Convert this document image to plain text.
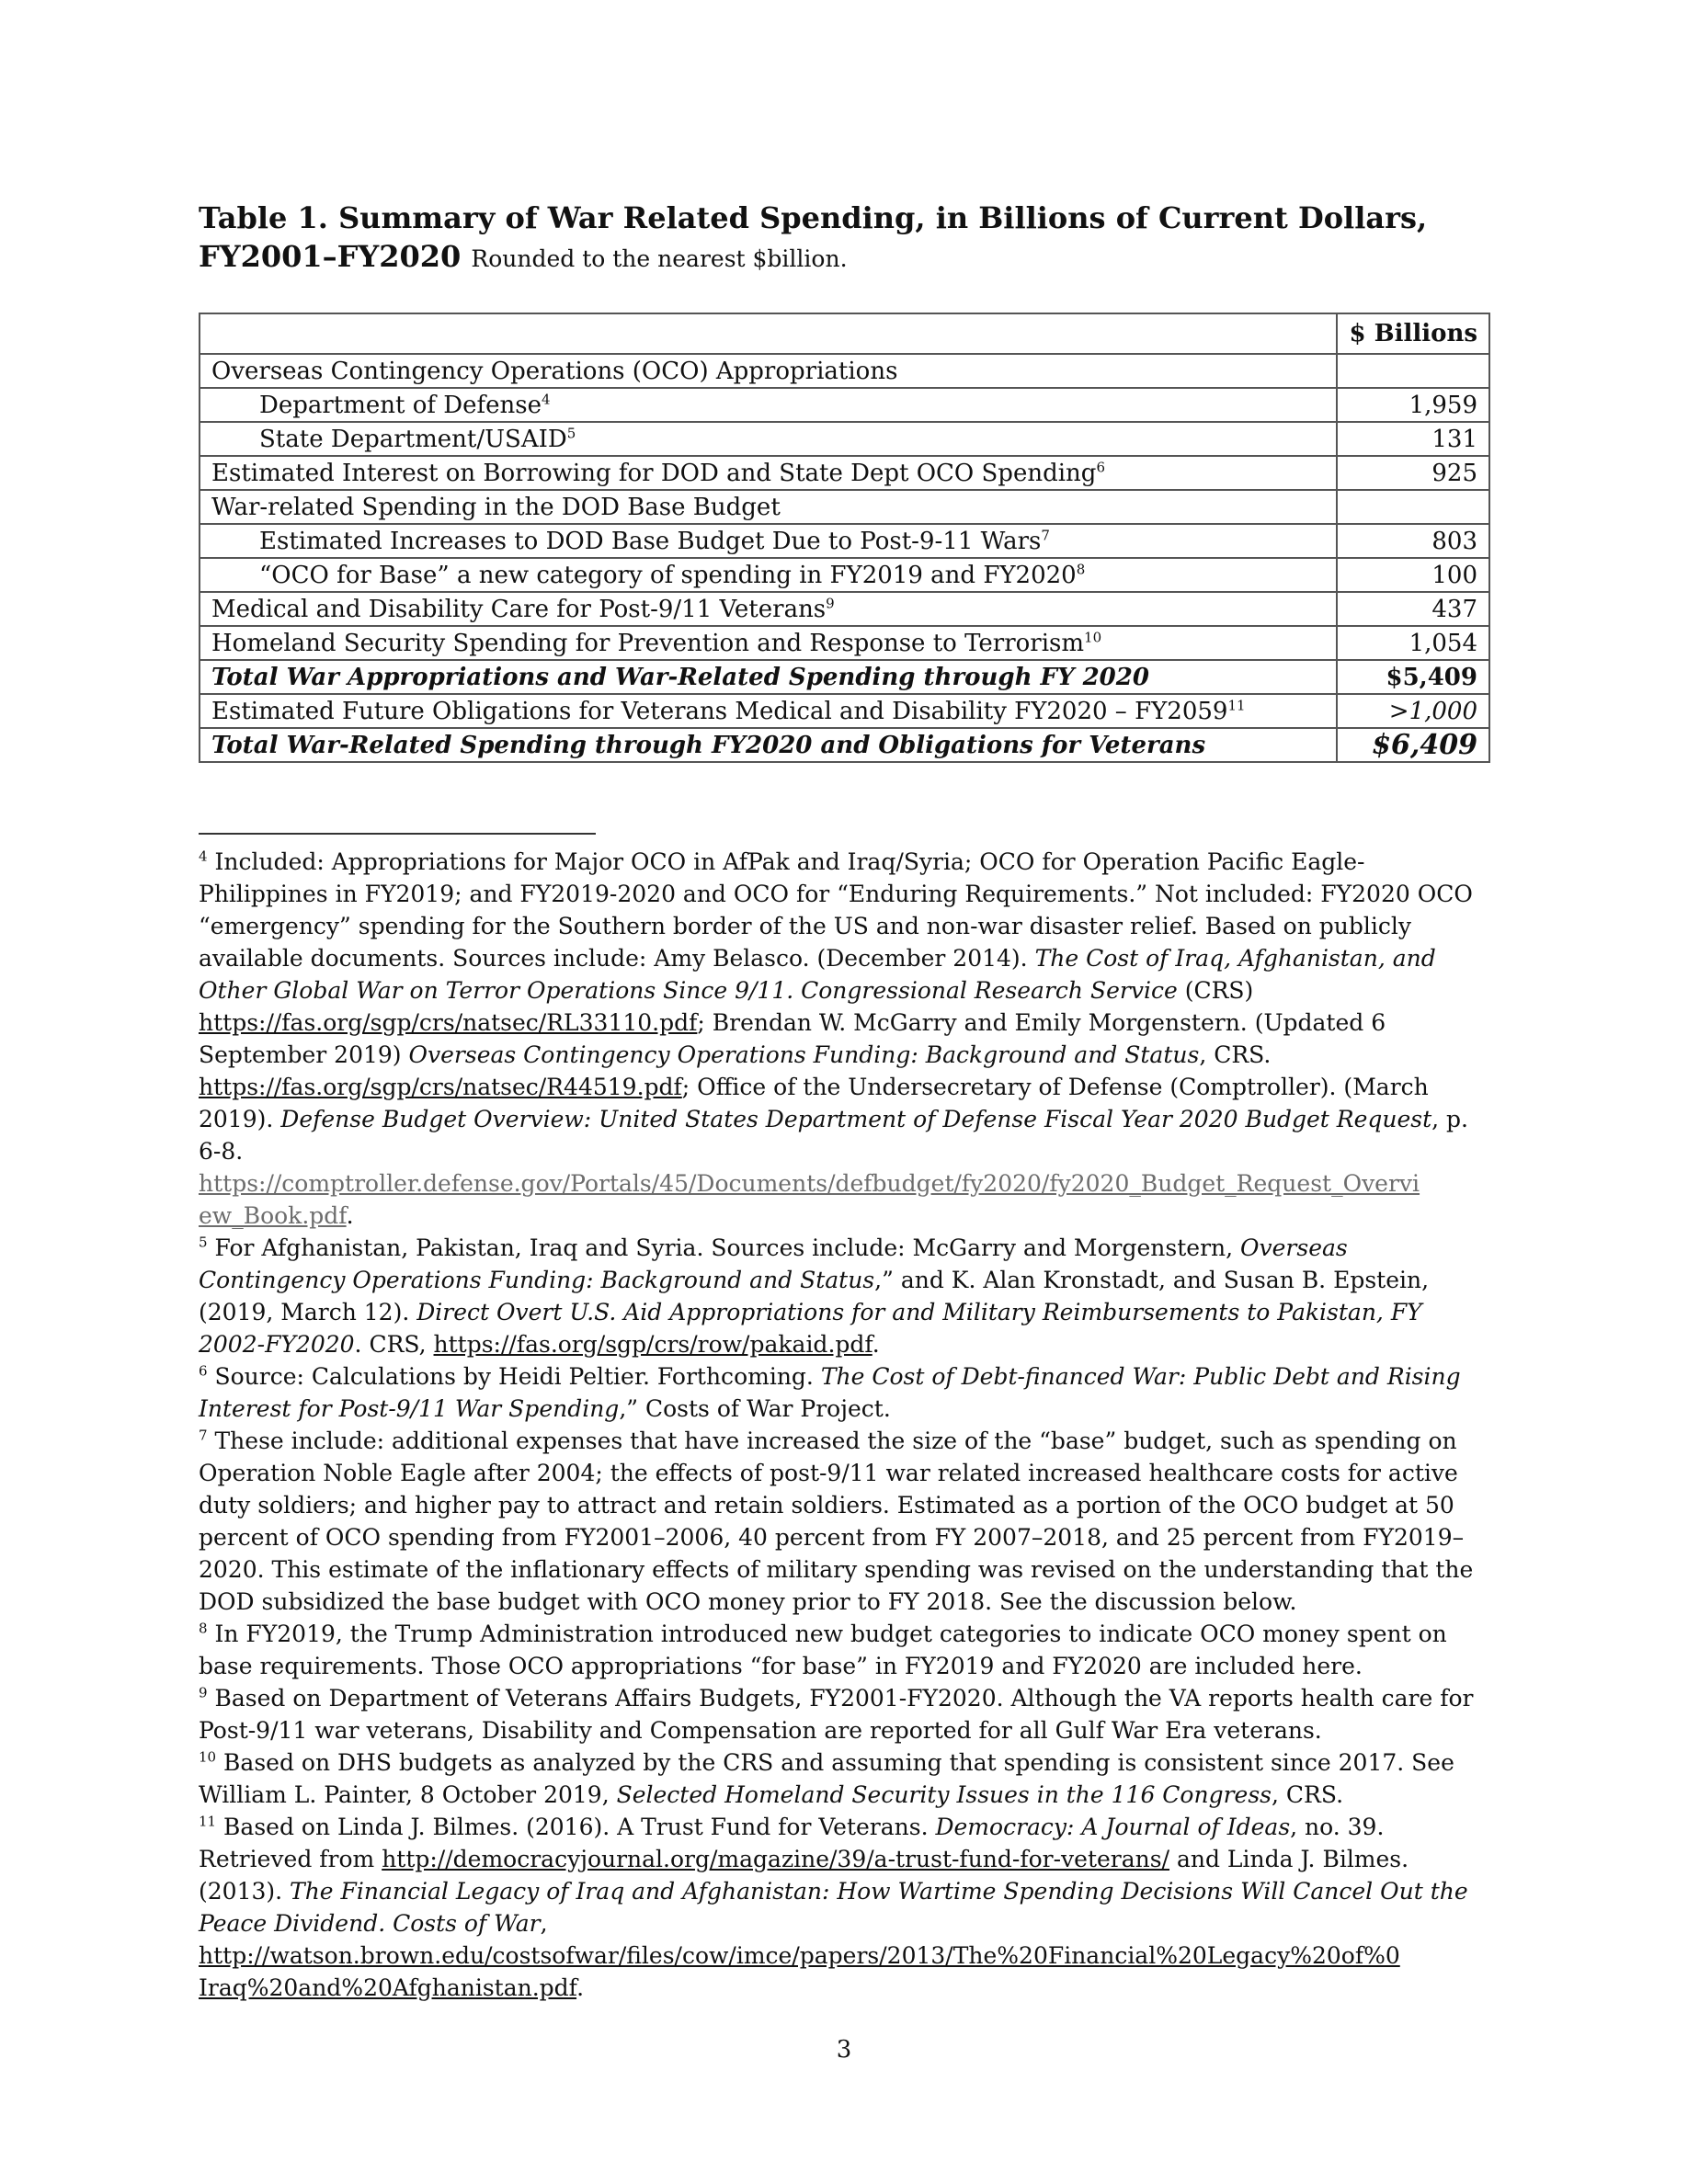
Table 1. Summary of War Related Spending, in Billions of Current Dollars, FY2001–FY2020 Rounded to the nearest $billion.
	$ Billions
Overseas Contingency Operations (OCO) Appropriations	
Department of Defense$^4$	1,959
State Department/USAID$^5$	131
Estimated Interest on Borrowing for DOD and State Dept OCO Spending$^6$	925
War-related Spending in the DOD Base Budget	
Estimated Increases to DOD Base Budget Due to Post-9-11 Wars$^7$	803
“OCO for Base” a new category of spending in FY2019 and FY2020$^8$	100
Medical and Disability Care for Post-9/11 Veterans$^9$	437
Homeland Security Spending for Prevention and Response to Terrorism$^{10}$	1,054
Total War Appropriations and War-Related Spending through FY 2020	$5,409
Estimated Future Obligations for Veterans Medical and Disability FY2020 – FY2059$^{11}$	>1,000
Total War-Related Spending through FY2020 and Obligations for Veterans	$6,409

$^4$ Included: Appropriations for Major OCO in AfPak and Iraq/Syria; OCO for Operation Pacific Eagle-Philippines in FY2019; and FY2019-2020 and OCO for “Enduring Requirements.” Not included: FY2020 OCO “emergency” spending for the Southern border of the US and non-war disaster relief. Based on publicly available documents. Sources include: Amy Belasco. (December 2014). The Cost of Iraq, Afghanistan, and Other Global War on Terror Operations Since 9/11. Congressional Research Service (CRS) https://fas.org/sgp/crs/natsec/RL33110.pdf; Brendan W. McGarry and Emily Morgenstern. (Updated 6 September 2019) Overseas Contingency Operations Funding: Background and Status, CRS. https://fas.org/sgp/crs/natsec/R44519.pdf; Office of the Undersecretary of Defense (Comptroller). (March 2019). Defense Budget Overview: United States Department of Defense Fiscal Year 2020 Budget Request, p. 6-8.
https://comptroller.defense.gov/Portals/45/Documents/defbudget/fy2020/fy2020_Budget_Request_Overvi
ew_Book.pdf.

$^5$ For Afghanistan, Pakistan, Iraq and Syria. Sources include: McGarry and Morgenstern, Overseas Contingency Operations Funding: Background and Status,” and K. Alan Kronstadt, and Susan B. Epstein, (2019, March 12). Direct Overt U.S. Aid Appropriations for and Military Reimbursements to Pakistan, FY 2002-FY2020. CRS, https://fas.org/sgp/crs/row/pakaid.pdf.

$^6$ Source: Calculations by Heidi Peltier. Forthcoming. The Cost of Debt-financed War: Public Debt and Rising Interest for Post-9/11 War Spending,” Costs of War Project.

$^7$ These include: additional expenses that have increased the size of the “base” budget, such as spending on Operation Noble Eagle after 2004; the effects of post-9/11 war related increased healthcare costs for active duty soldiers; and higher pay to attract and retain soldiers. Estimated as a portion of the OCO budget at 50 percent of OCO spending from FY2001–2006, 40 percent from FY 2007–2018, and 25 percent from FY2019–2020. This estimate of the inflationary effects of military spending was revised on the understanding that the DOD subsidized the base budget with OCO money prior to FY 2018. See the discussion below.

$^8$ In FY2019, the Trump Administration introduced new budget categories to indicate OCO money spent on base requirements. Those OCO appropriations “for base” in FY2019 and FY2020 are included here.

$^9$ Based on Department of Veterans Affairs Budgets, FY2001-FY2020. Although the VA reports health care for Post-9/11 war veterans, Disability and Compensation are reported for all Gulf War Era veterans.

$^{10}$ Based on DHS budgets as analyzed by the CRS and assuming that spending is consistent since 2017. See William L. Painter, 8 October 2019, Selected Homeland Security Issues in the 116 Congress, CRS.

$^{11}$ Based on Linda J. Bilmes. (2016). A Trust Fund for Veterans. Democracy: A Journal of Ideas, no. 39. Retrieved from http://democracyjournal.org/magazine/39/a-trust-fund-for-veterans/ and Linda J. Bilmes. (2013). The Financial Legacy of Iraq and Afghanistan: How Wartime Spending Decisions Will Cancel Out the Peace Dividend. Costs of War,
http://watson.brown.edu/costsofwar/files/cow/imce/papers/2013/The%20Financial%20Legacy%20of%0
Iraq%20and%20Afghanistan.pdf.

3
